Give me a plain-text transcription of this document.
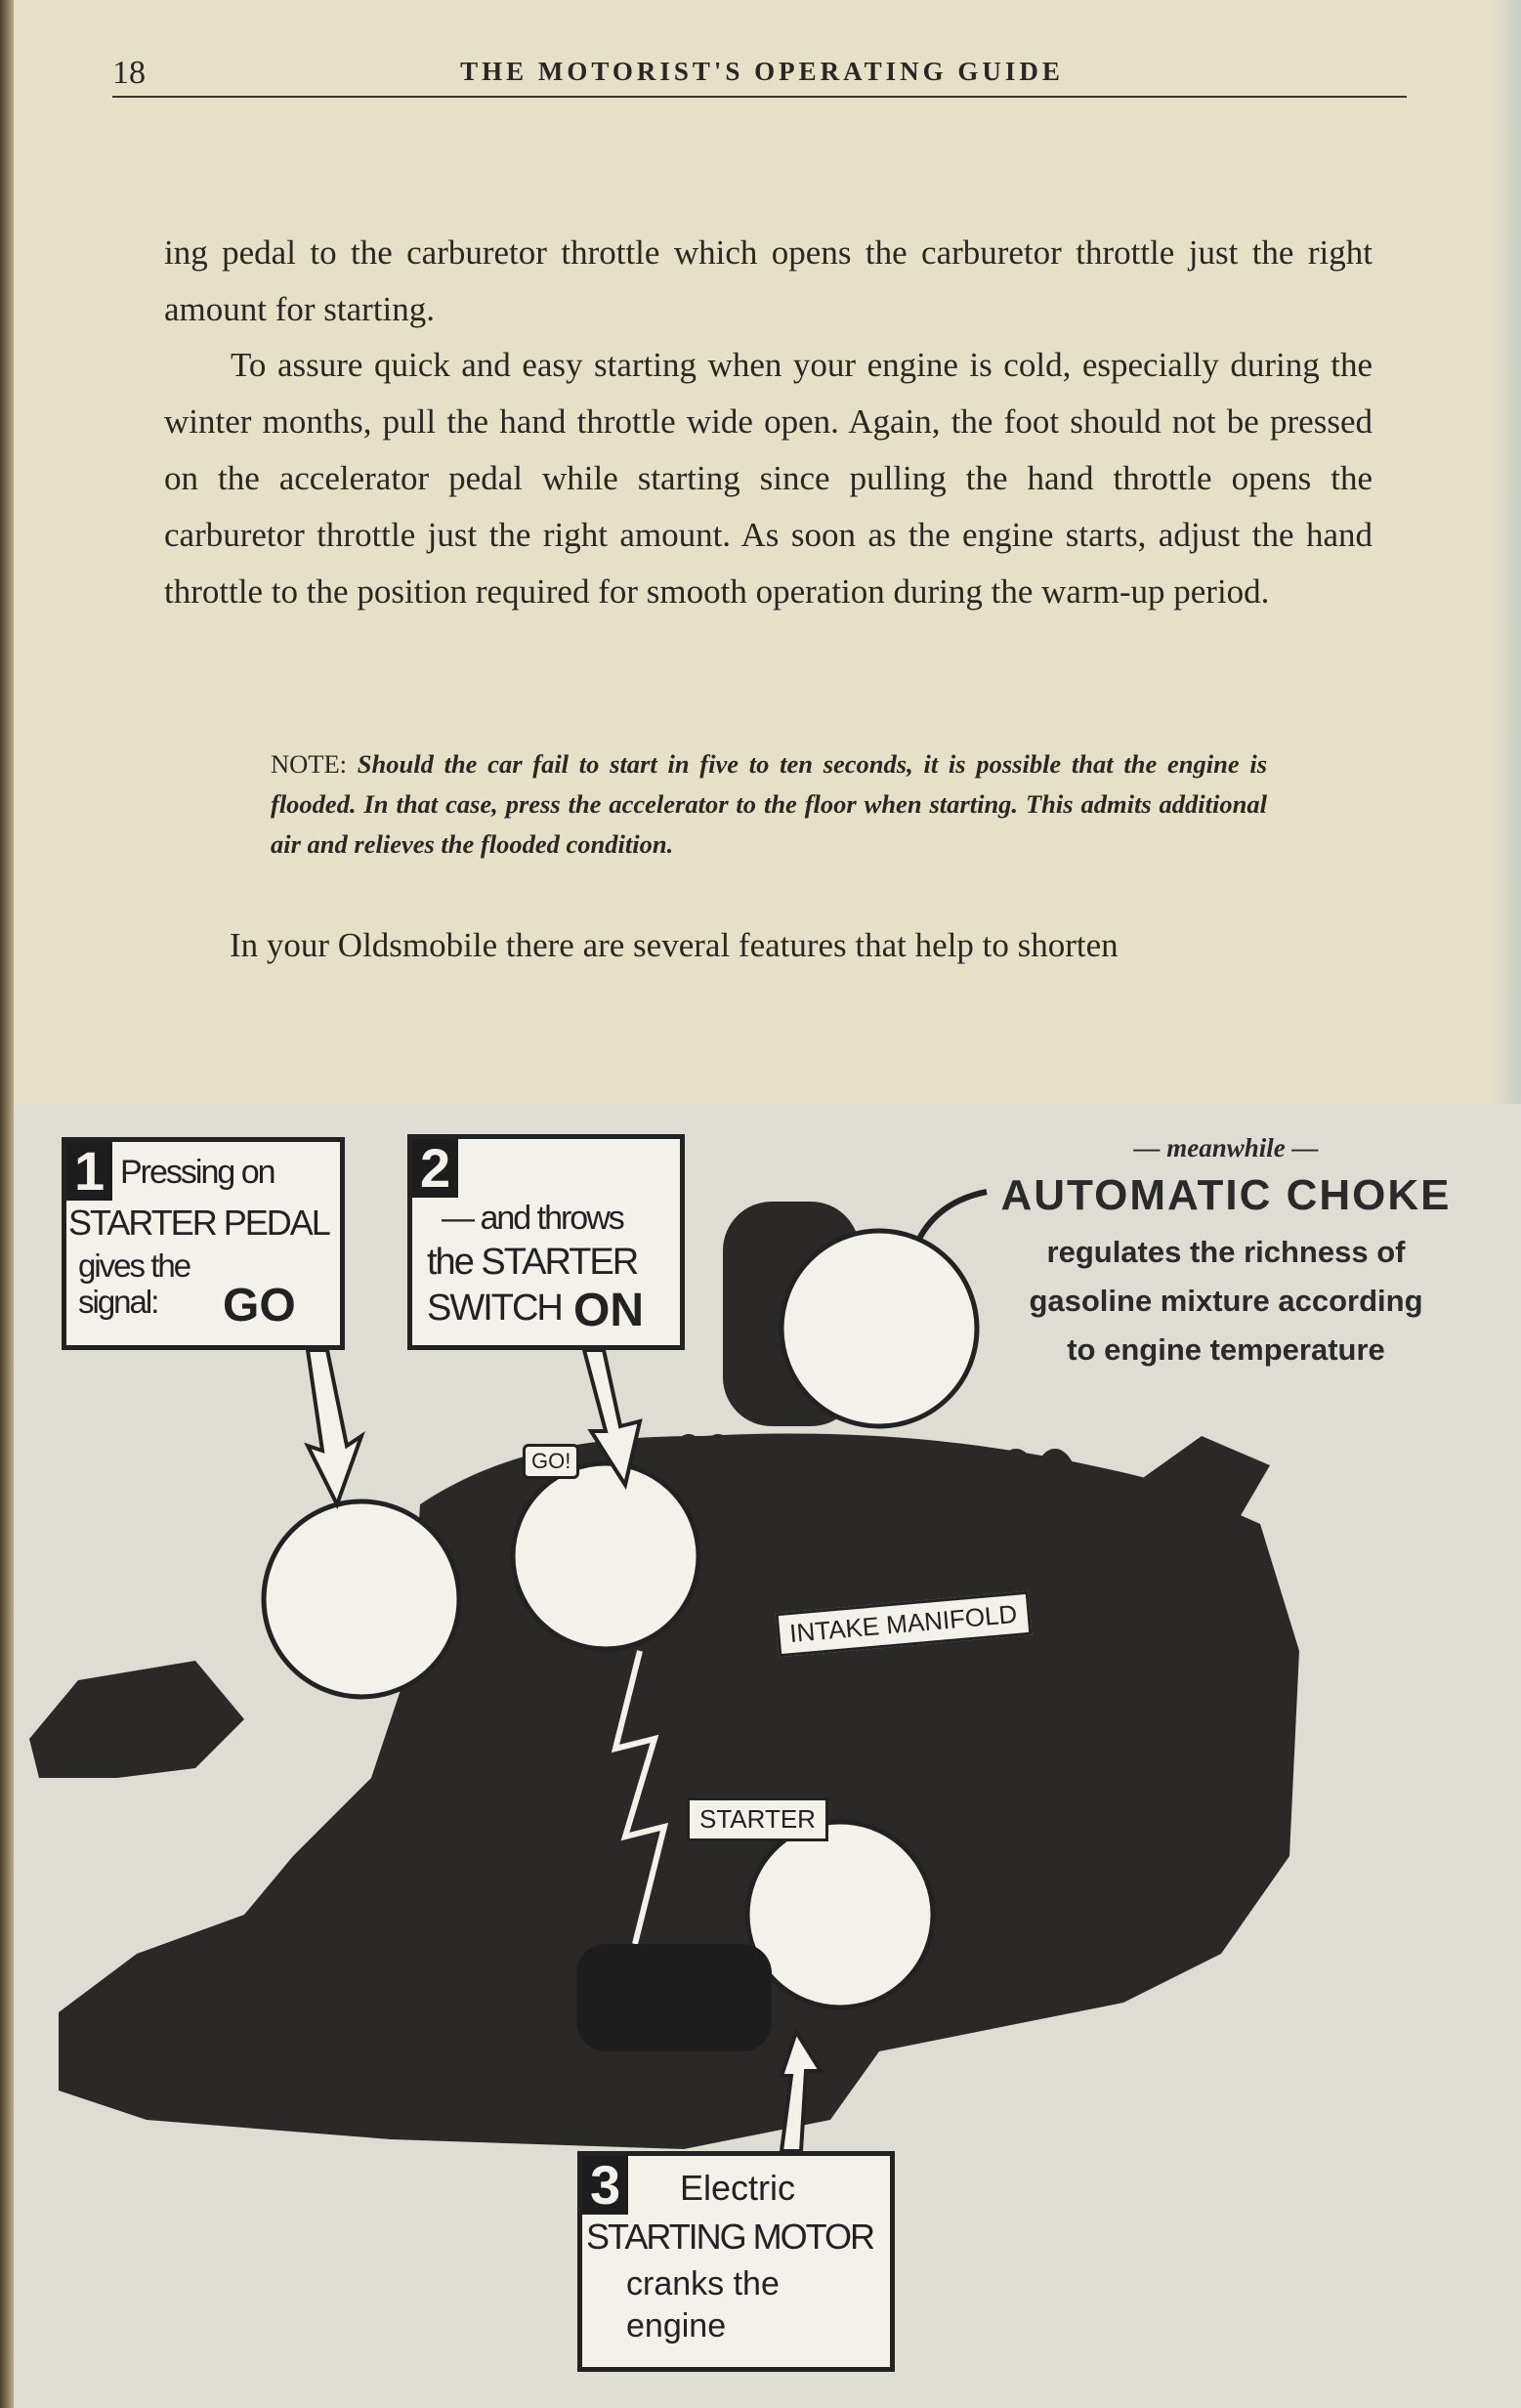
18	THE MOTORIST'S OPERATING GUIDE
ing pedal to the carburetor throttle which opens the carburetor throttle just the right amount for starting.
To assure quick and easy starting when your engine is cold, especially during the winter months, pull the hand throttle wide open. Again, the foot should not be pressed on the accelerator pedal while starting since pulling the hand throttle opens the carburetor throttle just the right amount. As soon as the engine starts, adjust the hand throttle to the position required for smooth operation during the warm-up period.
NOTE: Should the car fail to start in five to ten seconds, it is possible that the engine is flooded. In that case, press the accelerator to the floor when starting. This admits additional air and relieves the flooded condition.
In your Oldsmobile there are several features that help to shorten
1 Pressing on
STARTER PEDAL
gives the
signal: GO
2
— and throws
the STARTER
SWITCH ON
3 Electric
STARTING MOTOR
cranks the
engine
— meanwhile —
AUTOMATIC CHOKE
regulates the richness of
gasoline mixture according
to engine temperature
INTAKE MANIFOLD
STARTER
GO!
